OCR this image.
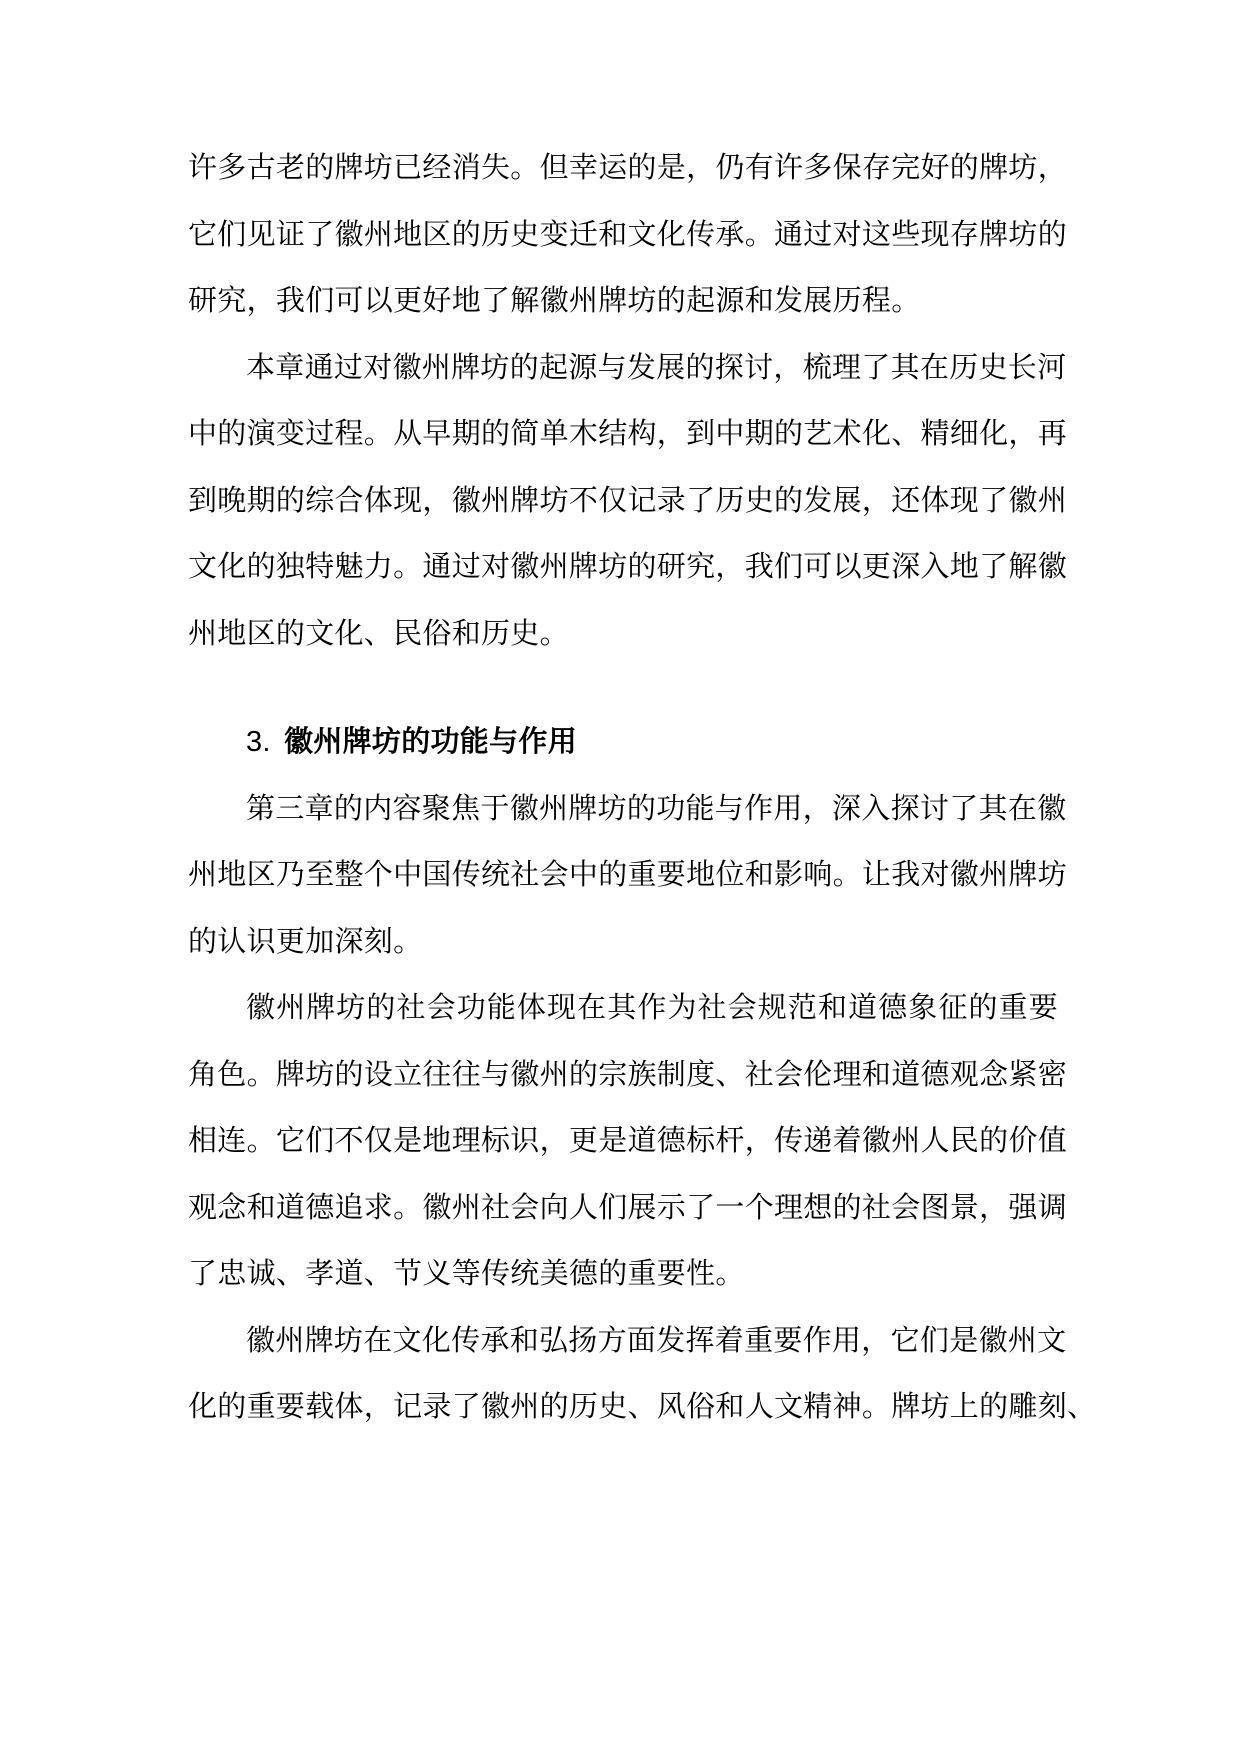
许多古老的牌坊已经消失。但幸运的是，仍有许多保存完好的牌坊，
它们见证了徽州地区的历史变迁和文化传承。通过对这些现存牌坊的
研究，我们可以更好地了解徽州牌坊的起源和发展历程。

本章通过对徽州牌坊的起源与发展的探讨，梳理了其在历史长河
中的演变过程。从早期的简单木结构，到中期的艺术化、精细化，再
到晚期的综合体现，徽州牌坊不仅记录了历史的发展，还体现了徽州
文化的独特魅力。通过对徽州牌坊的研究，我们可以更深入地了解徽
州地区的文化、民俗和历史。

3. 徽州牌坊的功能与作用

第三章的内容聚焦于徽州牌坊的功能与作用，深入探讨了其在徽
州地区乃至整个中国传统社会中的重要地位和影响。让我对徽州牌坊
的认识更加深刻。

徽州牌坊的社会功能体现在其作为社会规范和道德象征的重要
角色。牌坊的设立往往与徽州的宗族制度、社会伦理和道德观念紧密
相连。它们不仅是地理标识，更是道德标杆，传递着徽州人民的价值
观念和道德追求。徽州社会向人们展示了一个理想的社会图景，强调
了忠诚、孝道、节义等传统美德的重要性。

徽州牌坊在文化传承和弘扬方面发挥着重要作用，它们是徽州文
化的重要载体，记录了徽州的历史、风俗和人文精神。牌坊上的雕刻、
